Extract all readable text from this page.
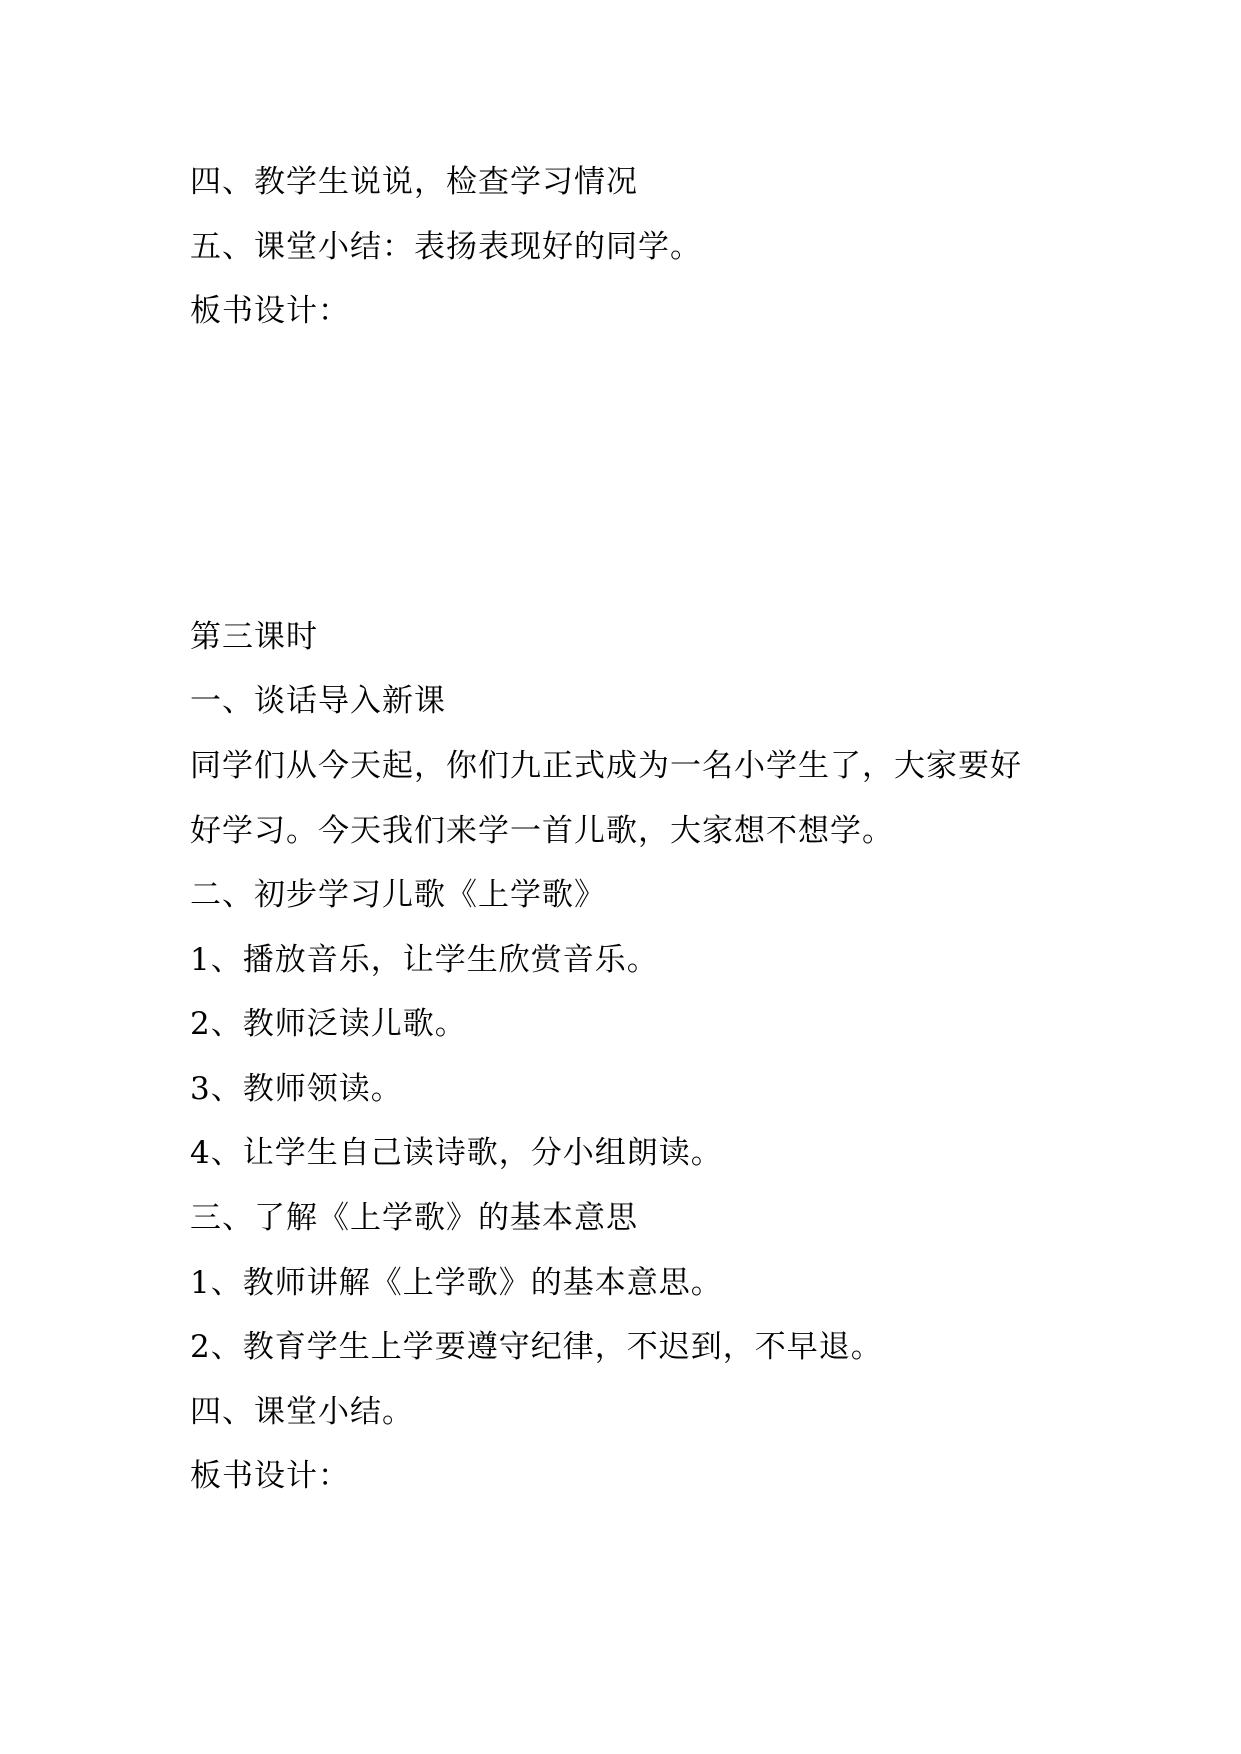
四、教学生说说，检查学习情况
五、课堂小结：表扬表现好的同学。
板书设计：
第三课时
一、谈话导入新课
同学们从今天起，你们九正式成为一名小学生了，大家要好
好学习。今天我们来学一首儿歌，大家想不想学。
二、初步学习儿歌《上学歌》
1、播放音乐，让学生欣赏音乐。
2、教师泛读儿歌。
3、教师领读。
4、让学生自己读诗歌，分小组朗读。
三、了解《上学歌》的基本意思
1、教师讲解《上学歌》的基本意思。
2、教育学生上学要遵守纪律，不迟到，不早退。
四、课堂小结。
板书设计：
